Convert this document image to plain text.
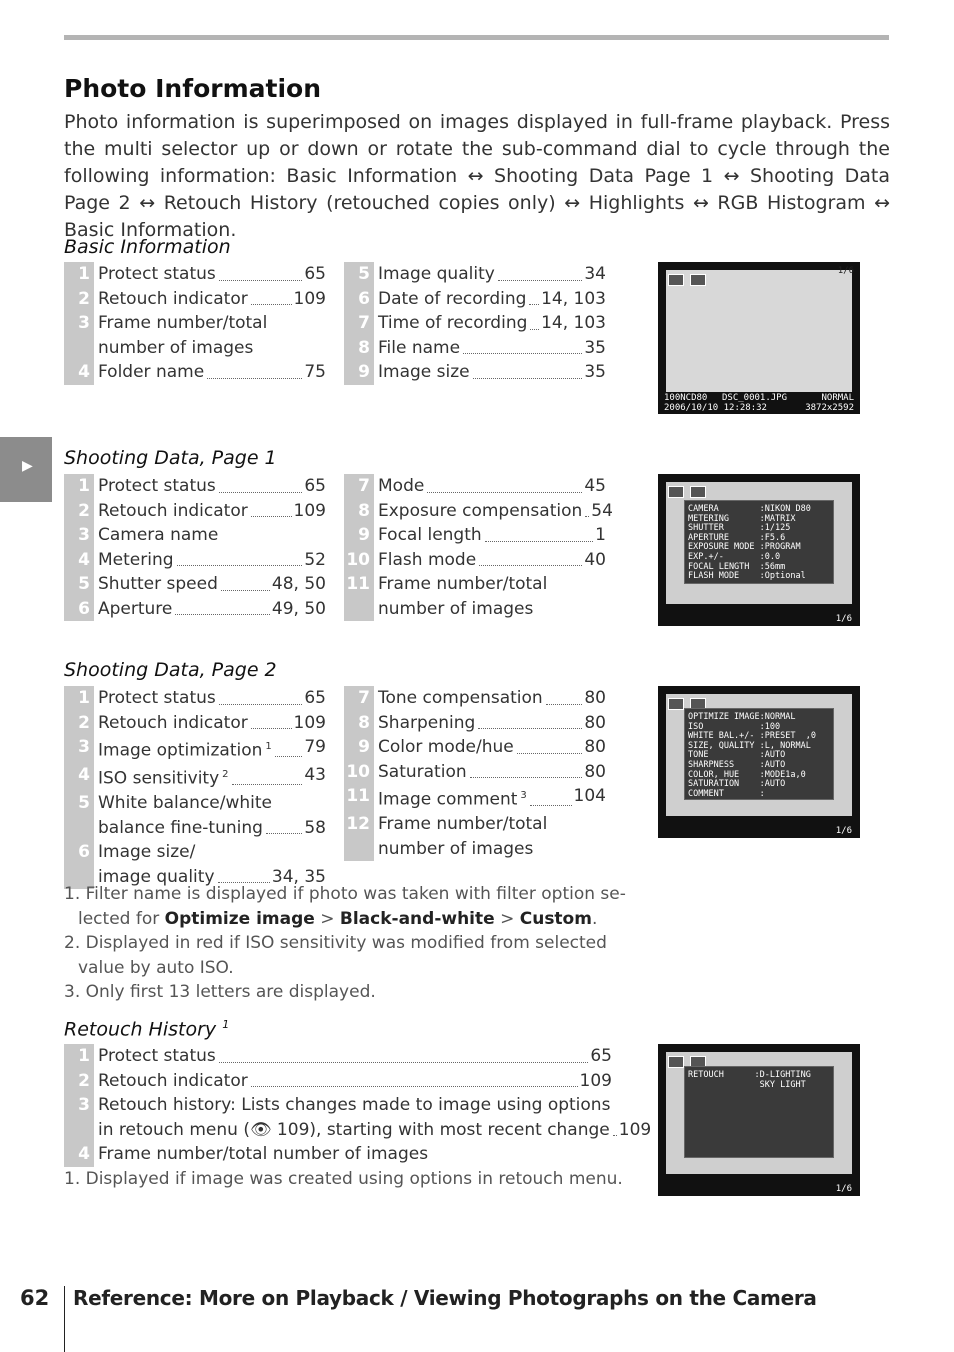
▶
Photo Information

Photo information is superimposed on images displayed in full-frame playback. Press the multi selector up or down or rotate the sub-command dial to cycle through the following information: Basic Information ↔ Shooting Data Page 1 ↔ Shooting Data Page 2 ↔ Retouch History (retouched copies only) ↔ Highlights ↔ RGB Histogram ↔ Basic Information.

Basic Information
1 Protect status	65
2 Retouch indicator	109
3 Frame number/total
number of images
4 Folder name	75
5 Image quality	34
6 Date of recording 14, 103
7 Time of recording 14, 103
8 File name	35
9 Image size	35
Shooting Data, Page 1
1 Protect status	65
2 Retouch indicator	109
3 Camera name
4 Metering	52
5 Shutter speed	48, 50
6 Aperture	49, 50
7 Mode	45
8 Exposure compensation 54
9 Focal length	1
10 Flash mode	40
11 Frame number/total
number of images
Shooting Data, Page 2
1 Protect status	65
2 Retouch indicator	109
3 Image optimization $^1$ 79
4 ISO sensitivity $^2$	43
5 White balance/white
balance fine-tuning 58
6 Image size/
image quality	34, 35
7 Tone compensation 80
8 Sharpening	80
9 Color mode/hue	80
10 Saturation	80
11 Image comment $^3$	104
12 Frame number/total
number of images

1. Filter name is displayed if photo was taken with filter option selected for Optimize image > Black-and-white > Custom.

2. Displayed in red if ISO sensitivity was modified from selected value by auto ISO.

3. Only first 13 letters are displayed.

Retouch History $^1$
1 Protect status	65
2 Retouch indicator	109
3 Retouch history: Lists changes made to image using options
in retouch menu (👁 109), starting with most recent change 109
4 Frame number/total number of images

1. Displayed if image was created using options in retouch menu.

1/6
100NCD80 DSC_0001.JPG	NORMAL
2006/10/10 12:28:32	3872x2592
CAMERA        :NIKON D80
METERING      :MATRIX
SHUTTER       :1/125
APERTURE      :F5.6
EXPOSURE MODE :PROGRAM
EXP.+/-       :0.0
FOCAL LENGTH  :56mm
FLASH MODE    :Optional
1/6
OPTIMIZE IMAGE:NORMAL
ISO           :100
WHITE BAL.+/- :PRESET  ,0
SIZE, QUALITY :L, NORMAL
TONE          :AUTO
SHARPNESS     :AUTO
COLOR, HUE    :MODE1a,0
SATURATION    :AUTO
COMMENT       :
1/6
RETOUCH      :D-LIGHTING
SKY LIGHT
1/6
62 Reference: More on Playback / Viewing Photographs on the Camera
